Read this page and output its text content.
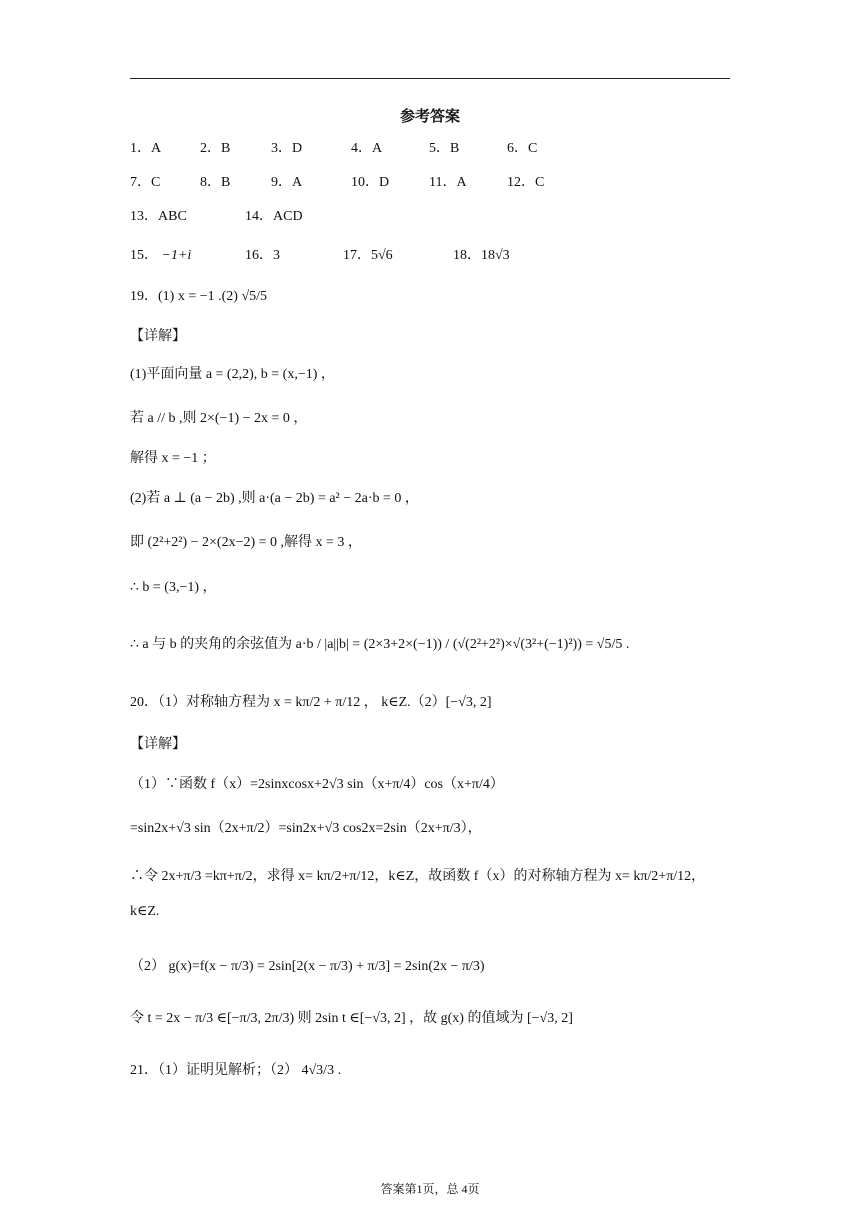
参考答案
1．A	2．B	3．D	4．A	5．B	6．C
7．C	8．B	9．A	10．D	11．A	12．C
13．ABC	14．ACD
15． −1+i	16．3	17．5√6	18．18√3
19．(1) x = −1 .(2) √5/5
【详解】
(1)平面向量 a = (2,2), b = (x,−1) ，
若 a // b ,则 2×(−1) − 2x = 0 ，
解得 x = −1 ；
(2)若 a ⊥ (a − 2b) ,则 a·(a − 2b) = a² − 2a·b = 0 ，
即 (2²+2²) − 2×(2x−2) = 0 ,解得 x = 3 ，
∴ b = (3,−1) ，
∴ a 与 b 的夹角的余弦值为 a·b / |a||b| = (2×3+2×(−1)) / (√(2²+2²)×√(3²+(−1)²)) = √5/5 .
20．（1）对称轴方程为 x = kπ/2 + π/12 ， k∈Z.（2）[−√3, 2]
【详解】
（1）∵函数 f（x）=2sinxcosx+2√3 sin（x+π/4）cos（x+π/4）
=sin2x+√3 sin（2x+π/2）=sin2x+√3 cos2x=2sin（2x+π/3），
∴令 2x+π/3 =kπ+π/2，求得 x= kπ/2+π/12，k∈Z，故函数 f（x）的对称轴方程为 x= kπ/2+π/12，
k∈Z.
（2） g(x)=f(x − π/3) = 2sin[2(x − π/3) + π/3] = 2sin(2x − π/3)
令 t = 2x − π/3 ∈[−π/3, 2π/3) 则 2sin t ∈[−√3, 2] ，故 g(x) 的值域为 [−√3, 2]
21．（1）证明见解析；（2） 4√3/3 .
答案第1页，总 4页
